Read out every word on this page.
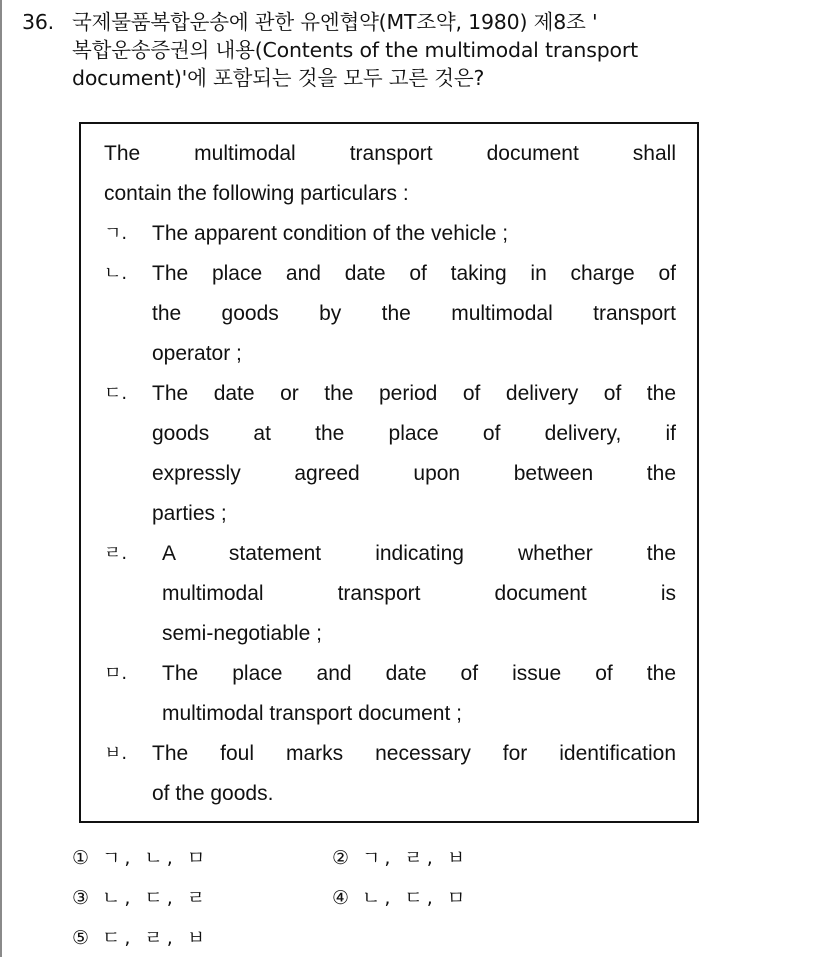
36. 국제물품복합운송에 관한 유엔협약(MT조약, 1980) 제8조 '
복합운송증권의 내용(Contents of the multimodal transport
document)'에 포함되는 것을 모두 고른 것은?
The multimodal transport document shall
contain the following particulars :
ㄱ.	The apparent condition of the vehicle ;
ㄴ.	The place and date of taking in charge of
the goods by the multimodal transport
operator ;
ㄷ.	The date or the period of delivery of the
goods at the place of delivery, if
expressly agreed upon between the
parties ;
ㄹ.	A statement indicating whether the
multimodal transport document is
semi-negotiable ;
ㅁ.	The place and date of issue of the
multimodal transport document ;
ㅂ.	The foul marks necessary for identification
of the goods.
① ㄱ, ㄴ, ㅁ	② ㄱ, ㄹ, ㅂ
③ ㄴ, ㄷ, ㄹ	④ ㄴ, ㄷ, ㅁ
⑤ ㄷ, ㄹ, ㅂ
